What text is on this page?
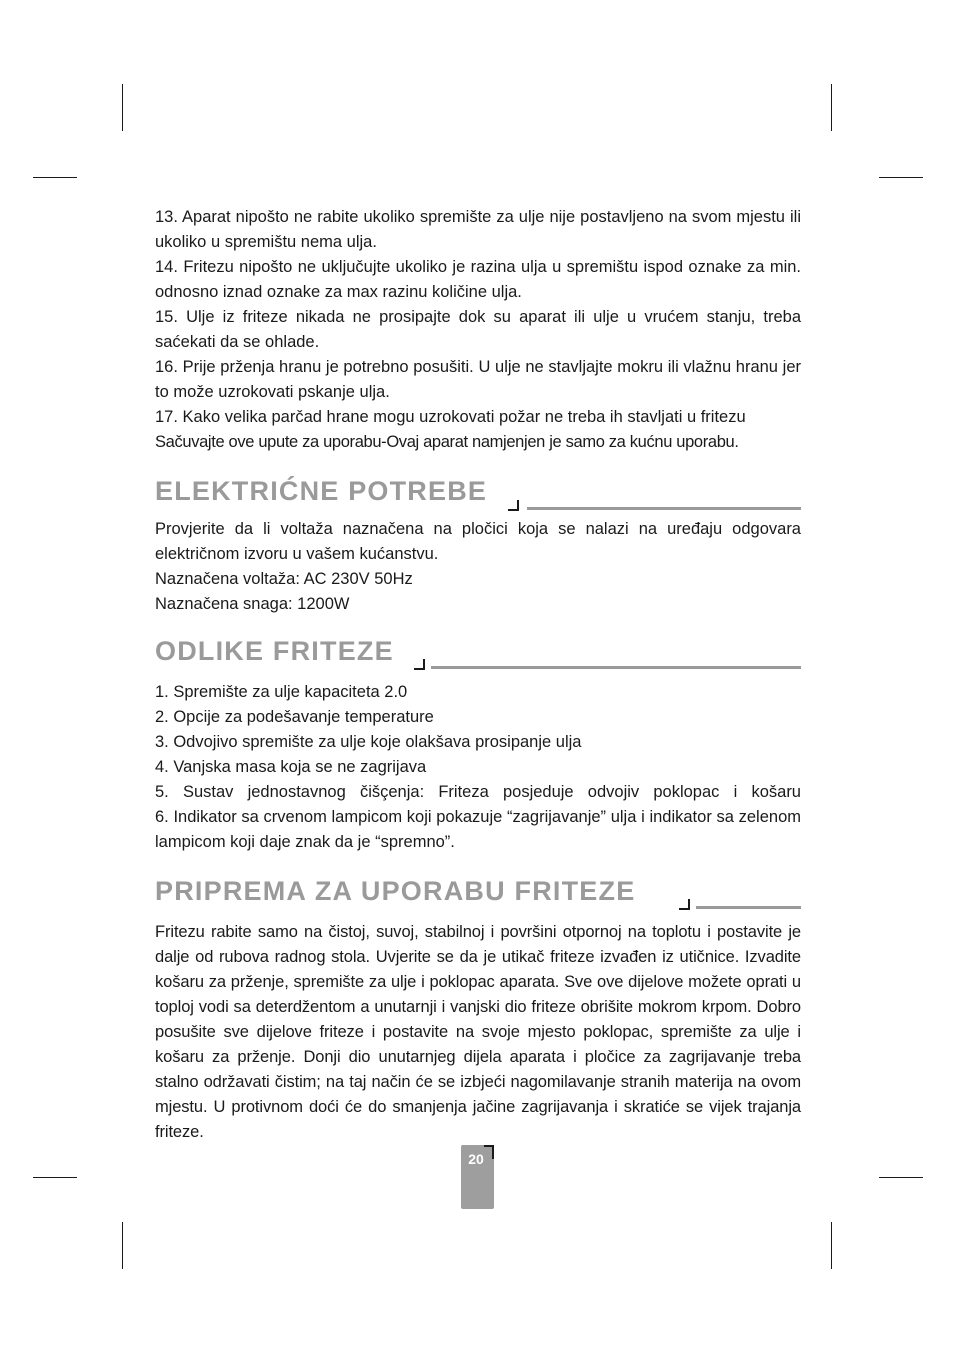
13. Aparat nipošto ne rabite ukoliko spremište za ulje nije postavljeno na svom mjestu ili ukoliko u spremištu nema ulja.

14. Fritezu nipošto ne uključujte ukoliko je razina ulja u spremištu ispod oznake za min. odnosno iznad oznake za max razinu količine ulja.

15. Ulje iz friteze nikada ne prosipajte dok su aparat ili ulje u vrućem stanju, treba saćekati da se ohlade.

16. Prije prženja hranu je potrebno posušiti. U ulje ne stavljajte mokru ili vlažnu hranu jer to može uzrokovati pskanje ulja.

17. Kako velika parčad hrane mogu uzrokovati požar ne treba ih stavljati u fritezu

Sačuvajte ove upute za uporabu-Ovaj aparat namjenjen je samo za kućnu uporabu.

ELEKTRIĆNE POTREBE

Provjerite da li voltaža naznačena na pločici koja se nalazi na uređaju odgovara električnom izvoru u vašem kućanstvu.

Naznačena voltaža: AC 230V 50Hz

Naznačena snaga: 1200W

ODLIKE FRITEZE

1. Spremište za ulje kapaciteta 2.0

2. Opcije za podešavanje temperature

3. Odvojivo spremište za ulje koje olakšava prosipanje ulja

4. Vanjska masa koja se ne zagrijava

5. Sustav jednostavnog čišçenja: Friteza posjeduje odvojiv poklopac i košaru

6. Indikator sa crvenom lampicom koji pokazuje “zagrijavanje” ulja i indikator sa zelenom lampicom koji daje znak da je “spremno”.

PRIPREMA ZA UPORABU FRITEZE

Fritezu rabite samo na čistoj, suvoj, stabilnoj i površini otpornoj na toplotu i postavite je dalje od rubova radnog stola. Uvjerite se da je utikač friteze izvađen iz utičnice. Izvadite košaru za prženje, spremište za ulje i poklopac aparata. Sve ove dijelove možete oprati u toploj vodi sa deterdžentom a unutarnji i vanjski dio friteze obrišite mokrom krpom. Dobro posušite sve dijelove friteze i postavite na svoje mjesto poklopac, spremište za ulje i košaru za prženje. Donji dio unutarnjeg dijela aparata i pločice za zagrijavanje treba stalno održavati čistim; na taj način će se izbjeći nagomilavanje stranih materija na ovom mjestu. U protivnom doći će do smanjenja jačine zagrijavanja i skratiće se vijek trajanja friteze.

20
